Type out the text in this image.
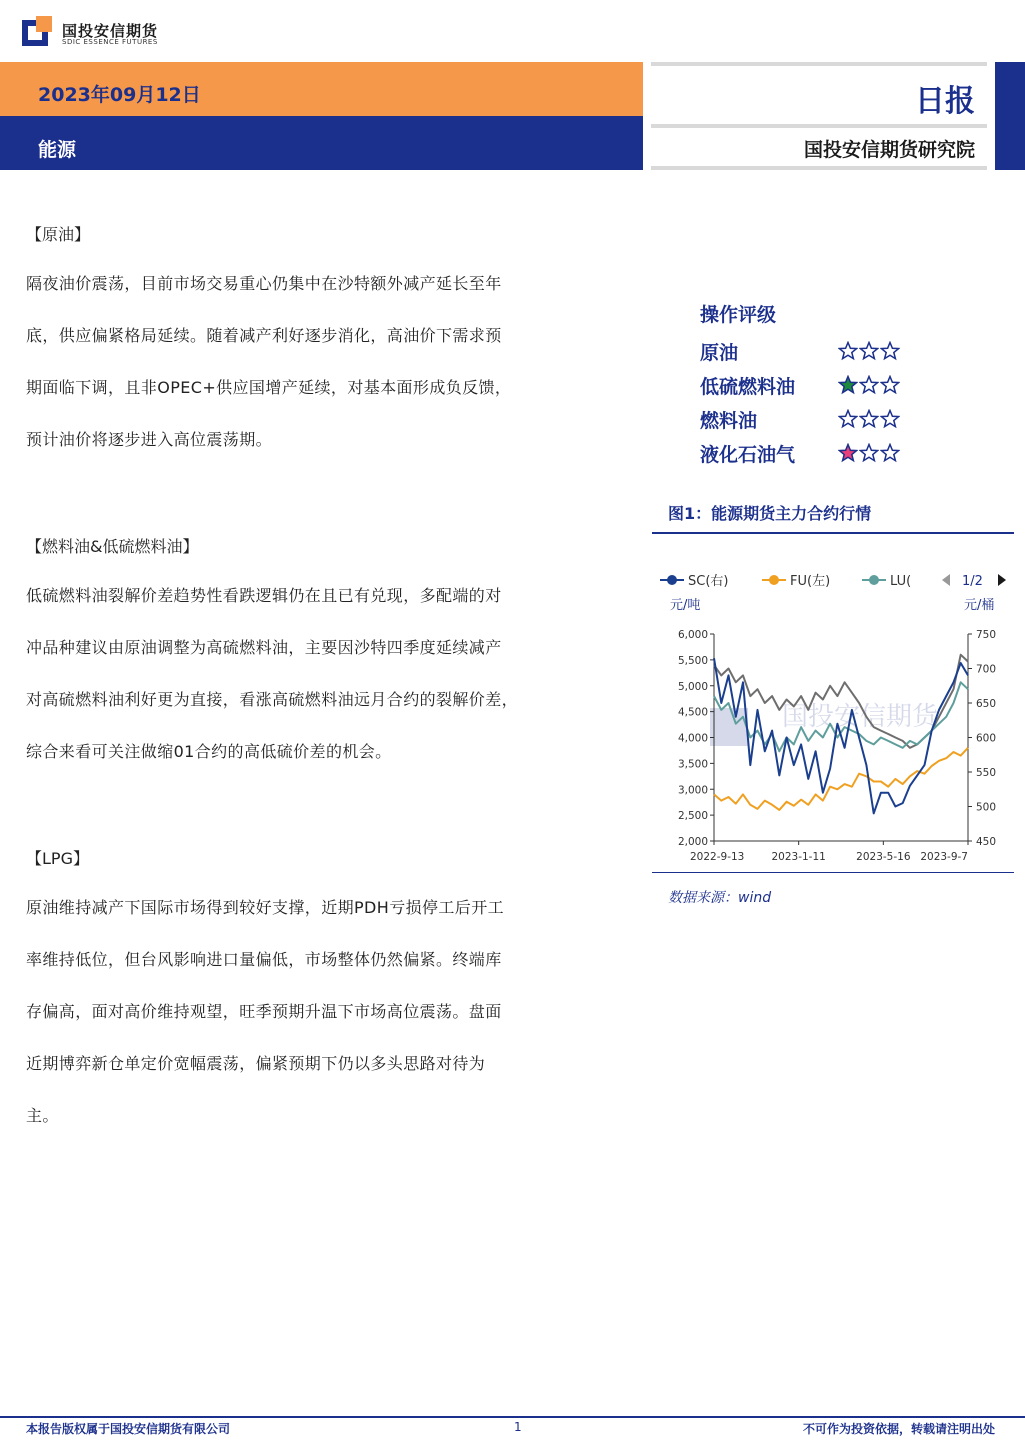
国投安信期货
SDIC ESSENCE FUTURES
2023年09月12日
能源
日报
国投安信期货研究院
【原油】
隔夜油价震荡，目前市场交易重心仍集中在沙特额外减产延长至年
底，供应偏紧格局延续。随着减产利好逐步消化，高油价下需求预
期面临下调，且非OPEC+供应国增产延续，对基本面形成负反馈，
预计油价将逐步进入高位震荡期。
【燃料油&低硫燃料油】
低硫燃料油裂解价差趋势性看跌逻辑仍在且已有兑现，多配端的对
冲品种建议由原油调整为高硫燃料油，主要因沙特四季度延续减产
对高硫燃料油利好更为直接，看涨高硫燃料油远月合约的裂解价差，
综合来看可关注做缩01合约的高低硫价差的机会。
【LPG】
原油维持减产下国际市场得到较好支撑，近期PDH亏损停工后开工
率维持低位，但台风影响进口量偏低，市场整体仍然偏紧。终端库
存偏高，面对高价维持观望，旺季预期升温下市场高位震荡。盘面
近期博弈新仓单定价宽幅震荡，偏紧预期下仍以多头思路对待为
主。
操作评级
原油
低硫燃料油
燃料油
液化石油气
图1：能源期货主力合约行情
SC(右)	FU(左)	LU(	1/2
元/吨	元/桶
国投安信期货
2,000
2,500
3,000
3,500
4,000
4,500
5,000
5,500
6,000
450
500
550
600
650
700
750
2022-9-13	2023-1-11	2023-5-16 2023-9-7
数据来源：wind
本报告版权属于国投安信期货有限公司	1	不可作为投资依据，转载请注明出处
